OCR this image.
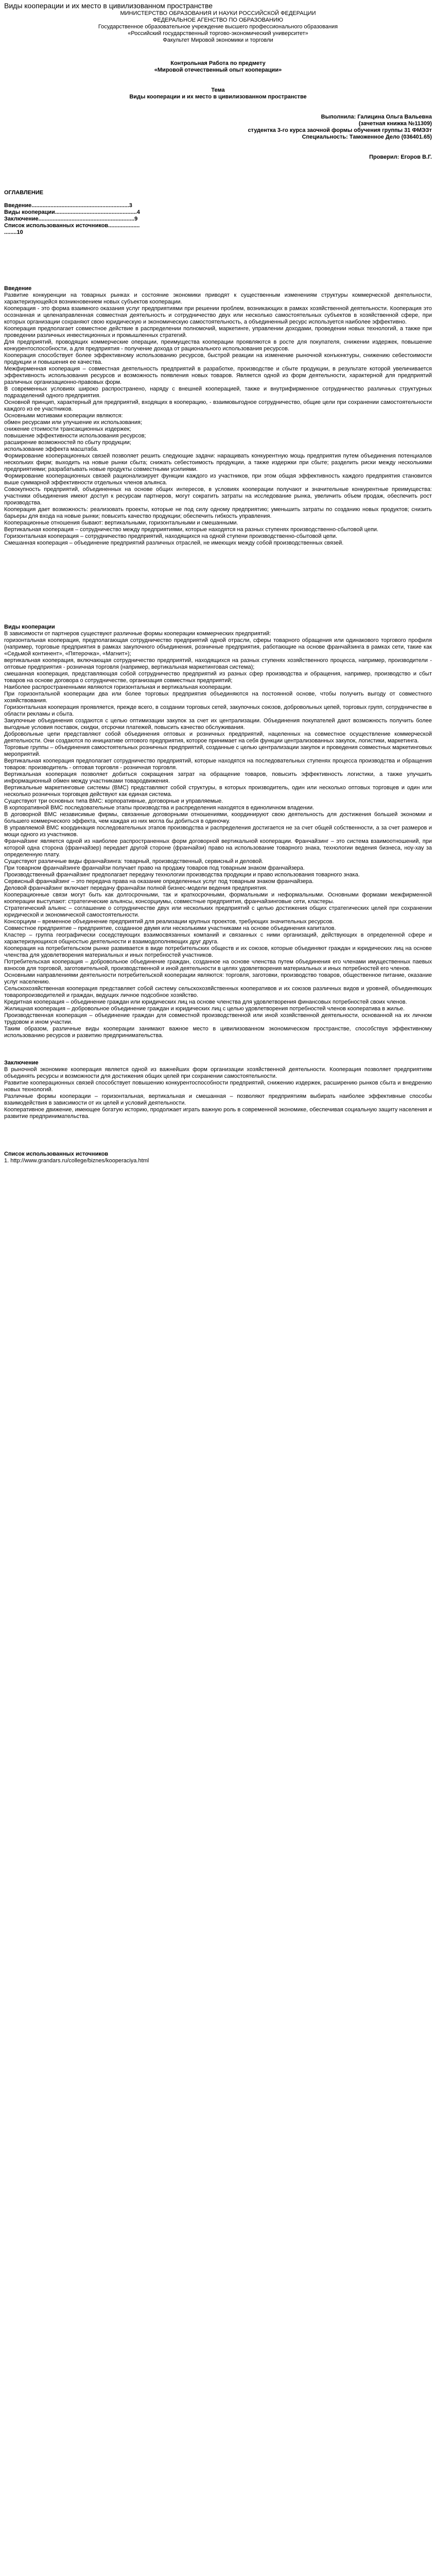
Виды кооперации и их место в цивилизованном пространстве

МИНИСТЕРСТВО ОБРАЗОВАНИЯ И НАУКИ РОССИЙСКОЙ ФЕДЕРАЦИИ

ФЕДЕРАЛЬНОЕ АГЕНСТВО ПО ОБРАЗОВАНИЮ

Государственное образовательное учреждение высшего профессионального образования

«Российский государственный торгово-экономический университет»

Факультет Мировой экономики и торговли

Контрольная Работа по предмету

«Мировой отечественный опыт кооперации»

Тема

Виды кооперации и их место в цивилизованном пространстве

Выполнила: Галицина Ольга Вальевна

(зачетная книжка №11309)

студентка 3-го курса заочной формы обучения группы 31 ФМЭЗт

Специальность: Таможенное Дело (036401.65)

Проверил: Егоров В.Г.

ОГЛАВЛЕНИЕ

Введение..............................................................3

Виды кооперации....................................................4

Заключение.............................................................9

Список использованных источников....................

........10

Введение

Развитие конкуренции на товарных рынках и состояние экономики приводят к существенным изменениям структуры коммерческой деятельности, характеризующейся возникновением новых субъектов кооперации.

Кооперация - это форма взаимного оказания услуг предприятиями при решении проблем, возникающих в рамках хозяйственной деятельности. Кооперация это осознанная и целенаправленная совместная деятельность и сотрудничество двух или несколько самостоятельных субъектов в хозяйственной сфере, при которых организации сохраняют свою юридическую и экономическую самостоятельность, а объединенный ресурс используется наиболее эффективно.

Кооперация предполагает совместное действие в распределении полномочий, маркетинге, управлении доходами, проведении новых технологий, а также при проведении различных инвестиционных и промышленных стратегий.

Для предприятий, проводящих коммерческие операции, преимущества кооперации проявляются в росте для покупателя, снижении издержек, повышение конкурентоспособности, а для предприятия - получение дохода от рационального использования ресурсов.

Кооперация способствует более эффективному использованию ресурсов, быстрой реакции на изменение рыночной конъюнктуры, снижению себестоимости продукции и повышения ее качества.

Межфирменная кооперация – совместная деятельность предприятий в разработке, производстве и сбыте продукции, в результате которой увеличивается эффективность использования ресурсов и возможность появления новых товаров. Является одной из форм деятельности, характерной для предприятий различных организационно-правовых форм.

В современных условиях широко распространено, наряду с внешней кооперацией, также и внутрифирменное сотрудничество различных структурных подразделений одного предприятия.

Основной принцип, характерный для предприятий, входящих в кооперацию, - взаимовыгодное сотрудничество, общие цели при сохранении самостоятельности каждого из ее участников.

Основными мотивами кооперации являются:

обмен ресурсами или улучшение их использования;

снижение стоимости трансакционных издержек;

повышение эффективности использования ресурсов;

расширение возможностей по сбыту продукции;

использование эффекта масштаба.

Формирование кооперационных связей позволяет решить следующие задачи: наращивать конкурентную мощь предприятия путем объединения потенциалов нескольких фирм; выходить на новые рынки сбыта; снижать себестоимость продукции, а также издержки при сбыте; разделить риски между несколькими предприятиями; разрабатывать новые продукты совместными усилиями.

Формирование кооперационных связей рационализирует функции каждого из участников, при этом общая эффективность каждого предприятия становится выше суммарной эффективности отдельных членов альянса.

Совокупность предприятий, объединенных на основе общих интересов, в условиях кооперации получают и значительные конкурентные преимущества: участники объединения имеют доступ к ресурсам партнеров, могут сократить затраты на исследование рынка, увеличить объем продаж, обеспечить рост производства.

Кооперация дает возможность: реализовать проекты, которые не под силу одному предприятию; уменьшить затраты по созданию новых продуктов; снизить барьеры для входа на новые рынки; повысить качество продукции; обеспечить гибкость управления.

Кооперационные отношения бывают: вертикальными, горизонтальными и смешанными.

Вертикальная кооперация – сотрудничество между предприятиями, которые находятся на разных ступенях производственно-сбытовой цепи.

Горизонтальная кооперация – сотрудничество предприятий, находящихся на одной ступени производственно-сбытовой цепи.

Смешанная кооперация – объединение предприятий различных отраслей, не имеющих между собой производственных связей.

Виды кооперации

В зависимости от партнеров существуют различные формы кооперации коммерческих предприятий:

горизонтальная кооперация, предполагающая сотрудничество предприятий одной отрасли, сферы товарного обращения или одинакового торгового профиля (например, торговые предприятия в рамках закупочного объединения, розничные предприятия, работающие на основе франчайзинга в рамках сети, такие как «Седьмой континент», «Пятерочка», «Магнит»);

вертикальная кооперация, включающая сотрудничество предприятий, находящихся на разных ступенях хозяйственного процесса, например, производители - оптовые предприятия - розничная торговля (например, вертикальная маркетинговая система);

смешанная кооперация, представляющая собой сотрудничество предприятий из разных сфер производства и обращения, например, производство и сбыт товаров на основе договора о сотрудничестве, организация совместных предприятий;

Наиболее распространенными являются горизонтальная и вертикальная кооперации.

При горизонтальной кооперации два или более торговых предприятия объединяются на постоянной основе, чтобы получить выгоду от совместного хозяйствования.

Горизонтальная кооперация проявляется, прежде всего, в создании торговых сетей, закупочных союзов, добровольных цепей, торговых групп, сотрудничестве в области рекламы и сбыта.

Закупочные объединения создаются с целью оптимизации закупок за счет их централизации. Объединения покупателей дают возможность получить более выгодные условия поставок, скидки, отсрочки платежей, повысить качество обслуживания.

Добровольные цепи представляют собой объединения оптовых и розничных предприятий, нацеленных на совместное осуществление коммерческой деятельности. Они создаются по инициативе оптового предприятия, которое принимает на себя функции централизованных закупок, логистики, маркетинга.

Торговые группы – объединения самостоятельных розничных предприятий, созданные с целью централизации закупок и проведения совместных маркетинговых мероприятий.

Вертикальная кооперация предполагает сотрудничество предприятий, которые находятся на последовательных ступенях процесса производства и обращения товаров: производитель - оптовая торговля - розничная торговля.

Вертикальная кооперация позволяет добиться сокращения затрат на обращение товаров, повысить эффективность логистики, а также улучшить информационный обмен между участниками товародвижения.

Вертикальные маркетинговые системы (ВМС) представляют собой структуры, в которых производитель, один или несколько оптовых торговцев и один или несколько розничных торговцев действуют как единая система.

Существуют три основных типа ВМС: корпоративные, договорные и управляемые.

В корпоративной ВМС последовательные этапы производства и распределения находятся в единоличном владении.

В договорной ВМС независимые фирмы, связанные договорными отношениями, координируют свою деятельность для достижения большей экономии и большего коммерческого эффекта, чем каждая из них могла бы добиться в одиночку.

В управляемой ВМС координация последовательных этапов производства и распределения достигается не за счет общей собственности, а за счет размеров и мощи одного из участников.

Франчайзинг является одной из наиболее распространенных форм договорной вертикальной кооперации. Франчайзинг – это система взаимоотношений, при которой одна сторона (франчайзер) передает другой стороне (франчайзи) право на использование товарного знака, технологии ведения бизнеса, ноу-хау за определенную плату.

Существуют различные виды франчайзинга: товарный, производственный, сервисный и деловой.

При товарном франчайзинге франчайзи получает право на продажу товаров под товарным знаком франчайзера.

Производственный франчайзинг предполагает передачу технологии производства продукции и право использования товарного знака.

Сервисный франчайзинг – это передача права на оказание определенных услуг под товарным знаком франчайзера.

Деловой франчайзинг включает передачу франчайзи полной бизнес-модели ведения предприятия.

Кооперационные связи могут быть как долгосрочными, так и краткосрочными, формальными и неформальными. Основными формами межфирменной кооперации выступают: стратегические альянсы, консорциумы, совместные предприятия, франчайзинговые сети, кластеры.

Стратегический альянс – соглашение о сотрудничестве двух или нескольких предприятий с целью достижения общих стратегических целей при сохранении юридической и экономической самостоятельности.

Консорциум – временное объединение предприятий для реализации крупных проектов, требующих значительных ресурсов.

Совместное предприятие – предприятие, созданное двумя или несколькими участниками на основе объединения капиталов.

Кластер – группа географически соседствующих взаимосвязанных компаний и связанных с ними организаций, действующих в определенной сфере и характеризующихся общностью деятельности и взаимодополняющих друг друга.

Кооперация на потребительском рынке развивается в виде потребительских обществ и их союзов, которые объединяют граждан и юридических лиц на основе членства для удовлетворения материальных и иных потребностей участников.

Потребительская кооперация – добровольное объединение граждан, созданное на основе членства путем объединения его членами имущественных паевых взносов для торговой, заготовительной, производственной и иной деятельности в целях удовлетворения материальных и иных потребностей его членов.

Основными направлениями деятельности потребительской кооперации являются: торговля, заготовки, производство товаров, общественное питание, оказание услуг населению.

Сельскохозяйственная кооперация представляет собой систему сельскохозяйственных кооперативов и их союзов различных видов и уровней, объединяющих товаропроизводителей и граждан, ведущих личное подсобное хозяйство.

Кредитная кооперация – объединение граждан или юридических лиц на основе членства для удовлетворения финансовых потребностей своих членов.

Жилищная кооперация – добровольное объединение граждан и юридических лиц с целью удовлетворения потребностей членов кооператива в жилье.

Производственная кооперация – объединение граждан для совместной производственной или иной хозяйственной деятельности, основанной на их личном трудовом и ином участии.

Таким образом, различные виды кооперации занимают важное место в цивилизованном экономическом пространстве, способствуя эффективному использованию ресурсов и развитию предпринимательства.

Заключение

В рыночной экономике кооперация является одной из важнейших форм организации хозяйственной деятельности. Кооперация позволяет предприятиям объединять ресурсы и возможности для достижения общих целей при сохранении самостоятельности.

Развитие кооперационных связей способствует повышению конкурентоспособности предприятий, снижению издержек, расширению рынков сбыта и внедрению новых технологий.

Различные формы кооперации – горизонтальная, вертикальная и смешанная – позволяют предприятиям выбирать наиболее эффективные способы взаимодействия в зависимости от их целей и условий деятельности.

Кооперативное движение, имеющее богатую историю, продолжает играть важную роль в современной экономике, обеспечивая социальную защиту населения и развитие предпринимательства.

Список использованных источников

1. http://www.grandars.ru/college/biznes/kooperaciya.html
